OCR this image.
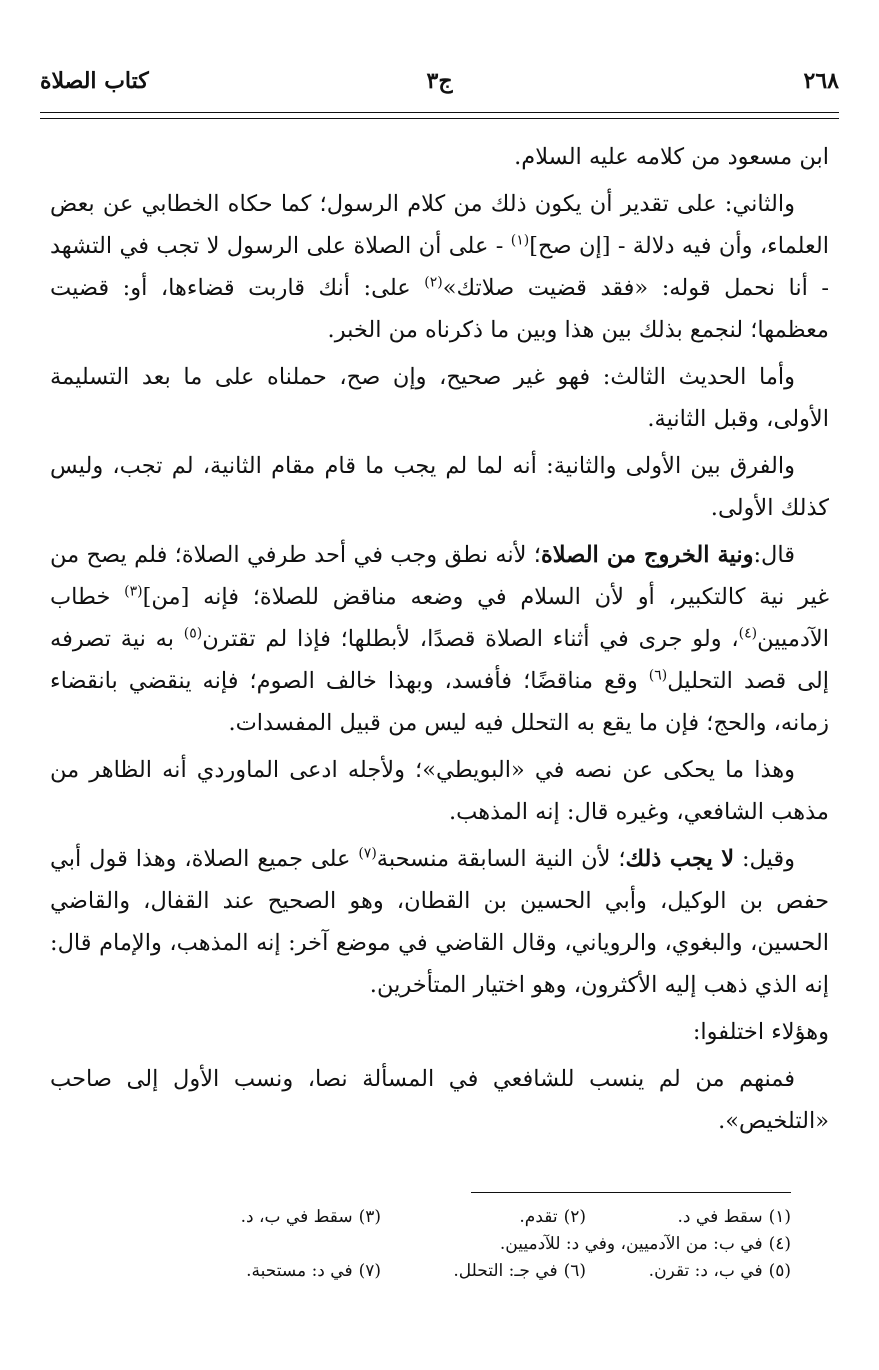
٢٦٨
ج٣
كتاب الصلاة

ابن مسعود من كلامه عليه السلام.

والثاني: على تقدير أن يكون ذلك من كلام الرسول؛ كما حكاه الخطابي عن بعض العلماء، وأن فيه دلالة - [إن صح]$^{(١)}$ - على أن الصلاة على الرسول لا تجب في التشهد - أنا نحمل قوله: «فقد قضيت صلاتك»$^{(٢)}$ على: أنك قاربت قضاءها، أو: قضيت معظمها؛ لنجمع بذلك بين هذا وبين ما ذكرناه من الخبر.

وأما الحديث الثالث: فهو غير صحيح، وإن صح، حملناه على ما بعد التسليمة الأولى، وقبل الثانية.

والفرق بين الأولى والثانية: أنه لما لم يجب ما قام مقام الثانية، لم تجب، وليس كذلك الأولى.

قال:ونية الخروج من الصلاة؛ لأنه نطق وجب في أحد طرفي الصلاة؛ فلم يصح من غير نية كالتكبير، أو لأن السلام في وضعه مناقض للصلاة؛ فإنه [من]$^{(٣)}$ خطاب الآدميين$^{(٤)}$، ولو جرى في أثناء الصلاة قصدًا، لأبطلها؛ فإذا لم تقترن$^{(٥)}$ به نية تصرفه إلى قصد التحليل$^{(٦)}$ وقع مناقضًا؛ فأفسد، وبهذا خالف الصوم؛ فإنه ينقضي بانقضاء زمانه، والحج؛ فإن ما يقع به التحلل فيه ليس من قبيل المفسدات.

وهذا ما يحكى عن نصه في «البويطي»؛ ولأجله ادعى الماوردي أنه الظاهر من مذهب الشافعي، وغيره قال: إنه المذهب.

وقيل: لا يجب ذلك؛ لأن النية السابقة منسحبة$^{(٧)}$ على جميع الصلاة، وهذا قول أبي حفص بن الوكيل، وأبي الحسين بن القطان، وهو الصحيح عند القفال، والقاضي الحسين، والبغوي، والروياني، وقال القاضي في موضع آخر: إنه المذهب، والإمام قال: إنه الذي ذهب إليه الأكثرون، وهو اختيار المتأخرين.

وهؤلاء اختلفوا:

فمنهم من لم ينسب للشافعي في المسألة نصا، ونسب الأول إلى صاحب «التلخيص».

(١)سقط في د.
(٢)تقدم.
(٣)سقط في ب، د.
(٤)في ب: من الآدميين، وفي د: للآدميين.
(٥)في ب، د: تقرن.
(٦)في جـ: التحلل.
(٧)في د: مستحبة.
